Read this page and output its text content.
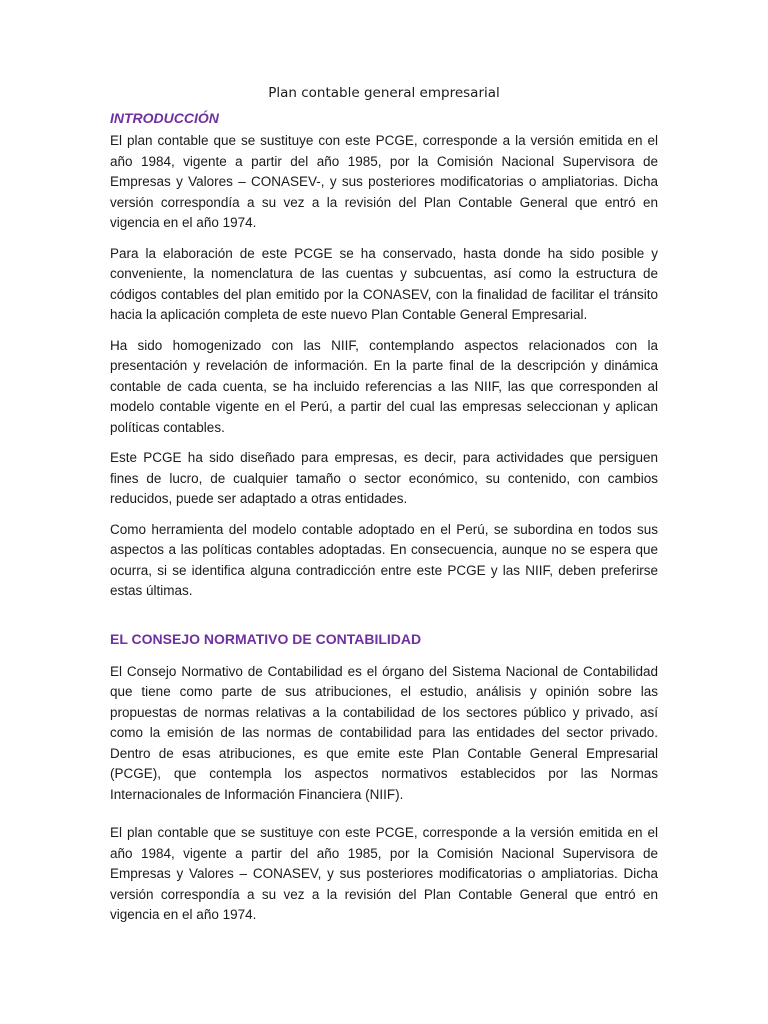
Plan contable general empresarial
INTRODUCCIÓN

El plan contable que se sustituye con este PCGE, corresponde a la versión emitida en el año 1984, vigente a partir del año 1985, por la Comisión Nacional Supervisora de Empresas y Valores – CONASEV-, y sus posteriores modificatorias o ampliatorias. Dicha versión correspondía a su vez a la revisión del Plan Contable General que entró en vigencia en el año 1974.

Para la elaboración de este PCGE se ha conservado, hasta donde ha sido posible y conveniente, la nomenclatura de las cuentas y subcuentas, así como la estructura de códigos contables del plan emitido por la CONASEV, con la finalidad de facilitar el tránsito hacia la aplicación completa de este nuevo Plan Contable General Empresarial.

Ha sido homogenizado con las NIIF, contemplando aspectos relacionados con la presentación y revelación de información. En la parte final de la descripción y dinámica contable de cada cuenta, se ha incluido referencias a las NIIF, las que corresponden al modelo contable vigente en el Perú, a partir del cual las empresas seleccionan y aplican políticas contables.

Este PCGE ha sido diseñado para empresas, es decir, para actividades que persiguen fines de lucro, de cualquier tamaño o sector económico, su contenido, con cambios reducidos, puede ser adaptado a otras entidades.

Como herramienta del modelo contable adoptado en el Perú, se subordina en todos sus aspectos a las políticas contables adoptadas. En consecuencia, aunque no se espera que ocurra, si se identifica alguna contradicción entre este PCGE y las NIIF, deben preferirse estas últimas.

EL CONSEJO NORMATIVO DE CONTABILIDAD

El Consejo Normativo de Contabilidad es el órgano del Sistema Nacional de Contabilidad que tiene como parte de sus atribuciones, el estudio, análisis y opinión sobre las propuestas de normas relativas a la contabilidad de los sectores público y privado, así como la emisión de las normas de contabilidad para las entidades del sector privado. Dentro de esas atribuciones, es que emite este Plan Contable General Empresarial (PCGE), que contempla los aspectos normativos establecidos por las Normas Internacionales de Información Financiera (NIIF).

El plan contable que se sustituye con este PCGE, corresponde a la versión emitida en el año 1984, vigente a partir del año 1985, por la Comisión Nacional Supervisora de Empresas y Valores – CONASEV, y sus posteriores modificatorias o ampliatorias. Dicha versión correspondía a su vez a la revisión del Plan Contable General que entró en vigencia en el año 1974.
